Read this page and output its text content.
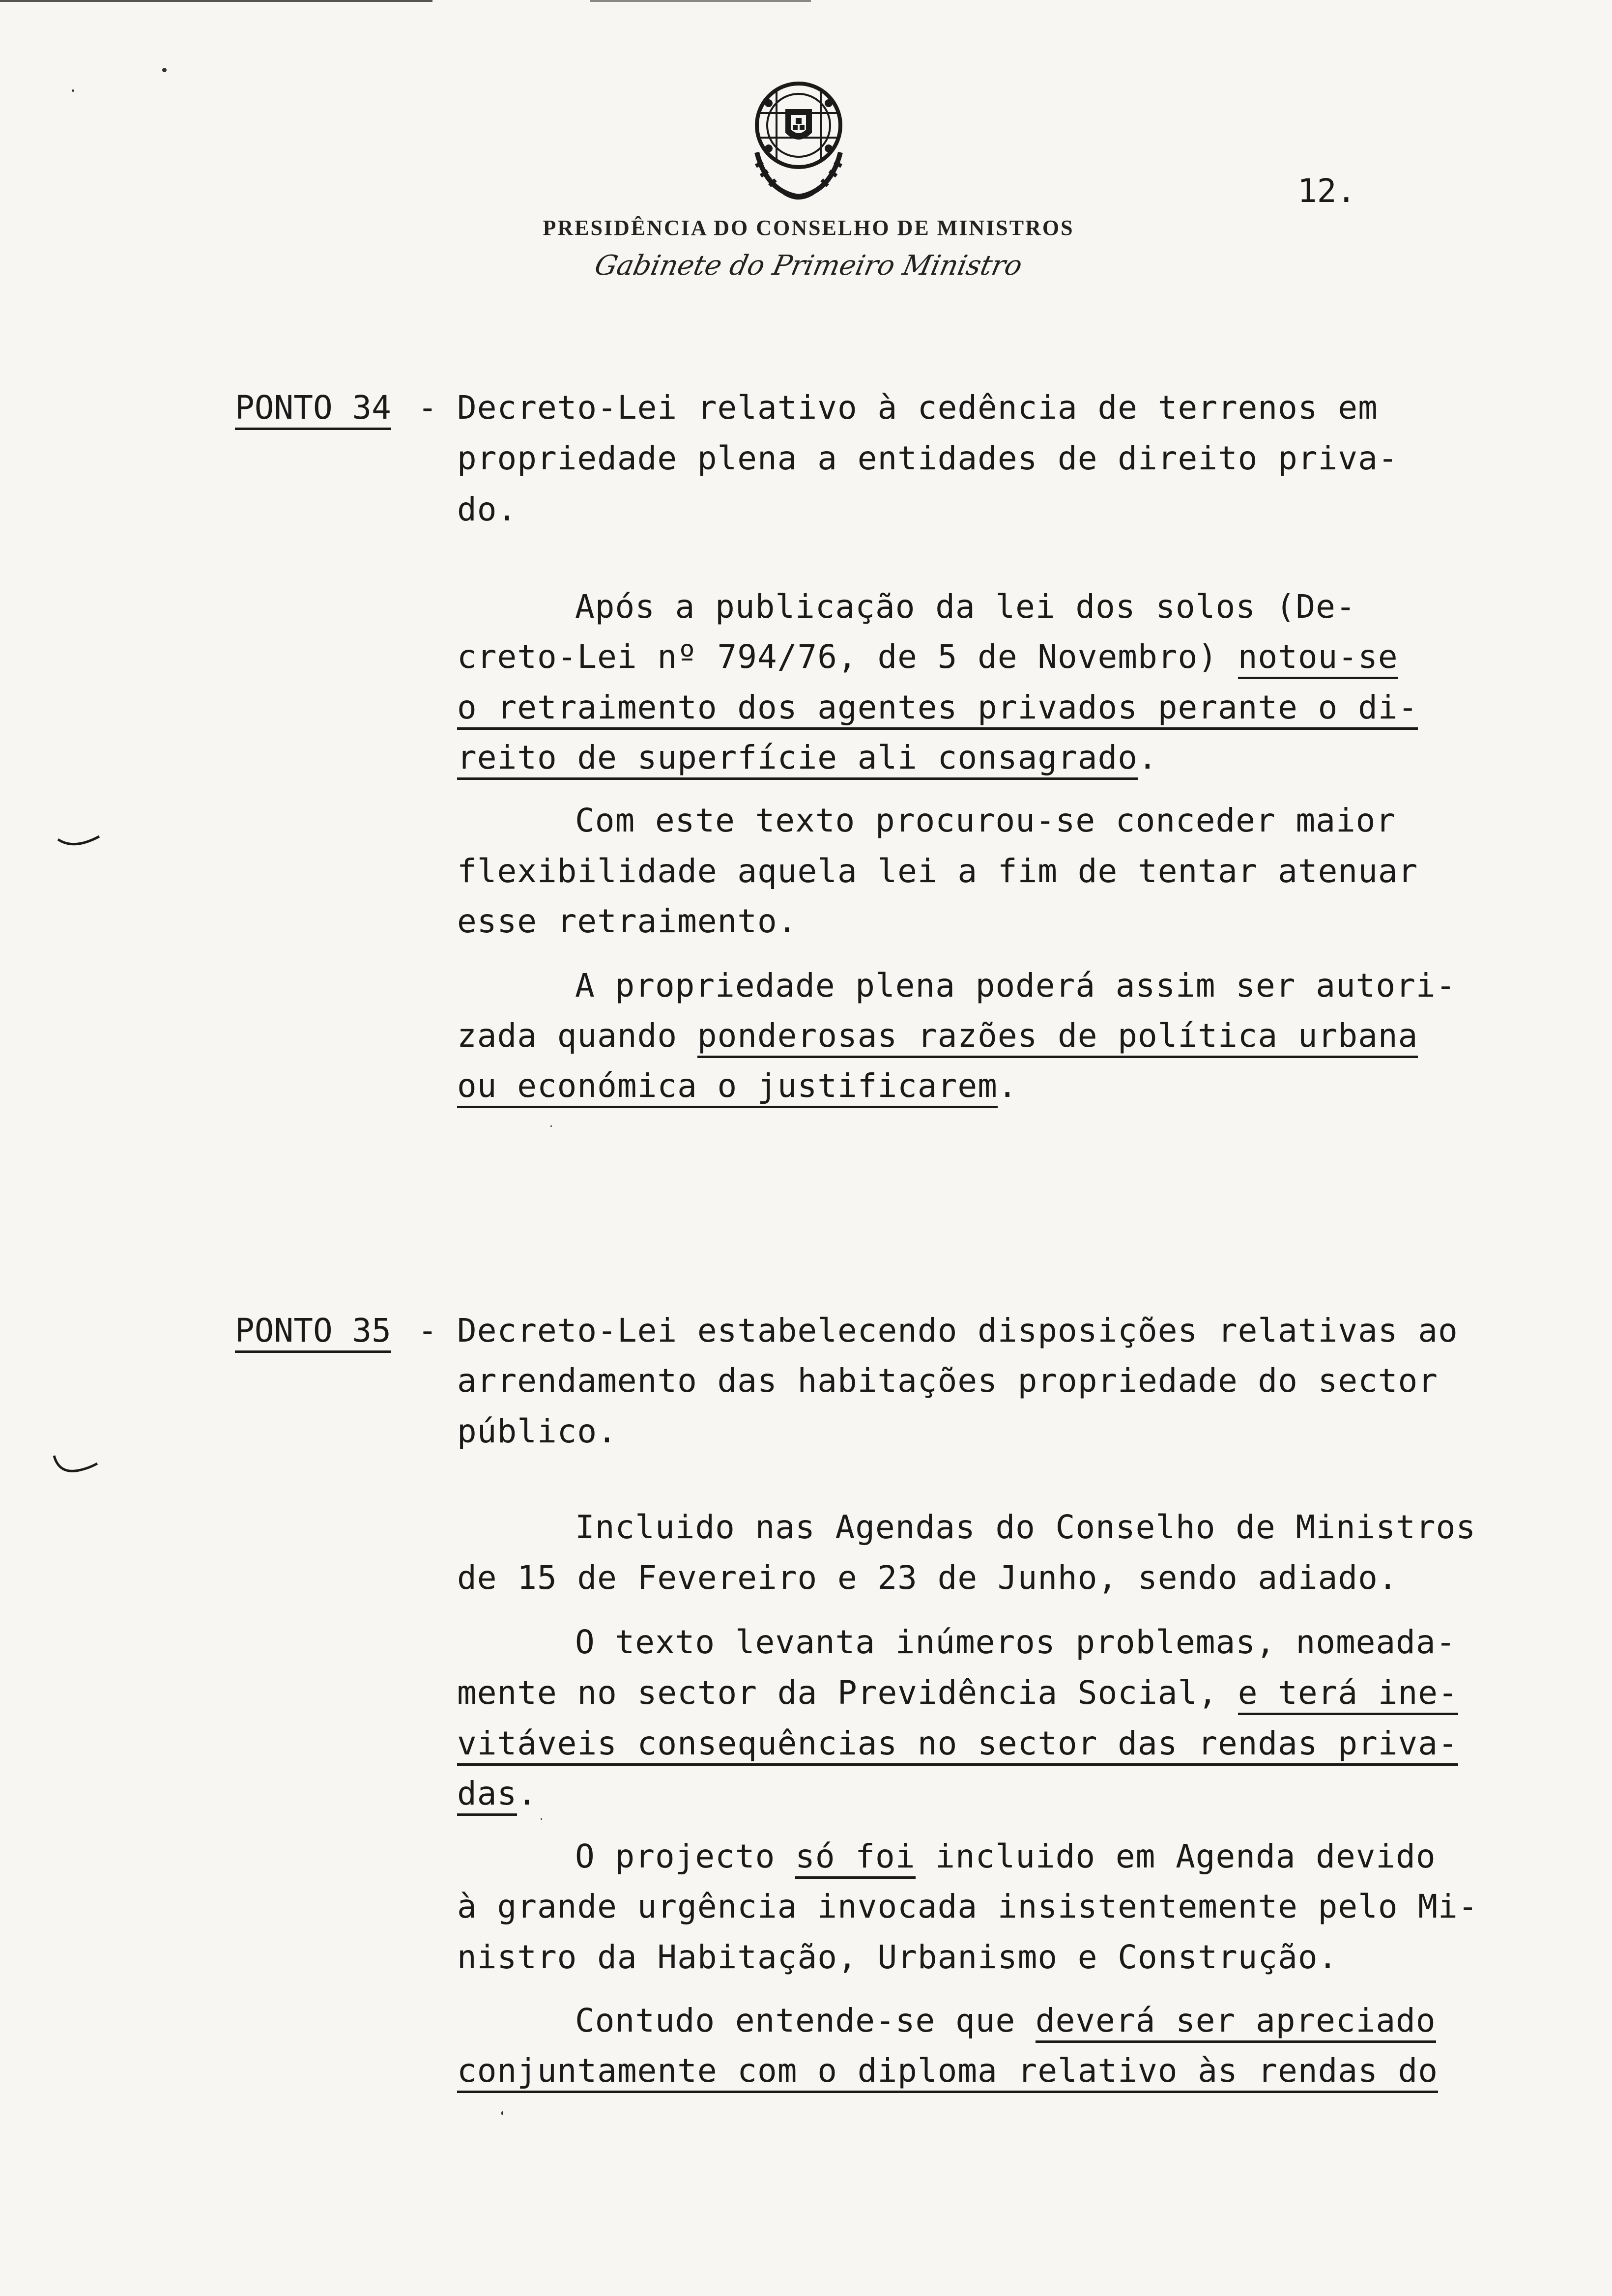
12.
PRESIDÊNCIA DO CONSELHO DE MINISTROS
Gabinete do Primeiro Ministro
PONTO 34 - Decreto-Lei relativo à cedência de terrenos em
propriedade plena a entidades de direito priva-
do.
Após a publicação da lei dos solos (De-
creto-Lei nº 794/76, de 5 de Novembro) notou-se
o retraimento dos agentes privados perante o di-
reito de superfície ali consagrado.
Com este texto procurou-se conceder maior
flexibilidade aquela lei a fim de tentar atenuar
esse retraimento.
A propriedade plena poderá assim ser autori-
zada quando ponderosas razões de política urbana
ou económica o justificarem.
PONTO 35 - Decreto-Lei estabelecendo disposições relativas ao
arrendamento das habitações propriedade do sector
público.
Incluido nas Agendas do Conselho de Ministros
de 15 de Fevereiro e 23 de Junho, sendo adiado.
O texto levanta inúmeros problemas, nomeada-
mente no sector da Previdência Social, e terá ine-
vitáveis consequências no sector das rendas priva-
das.
O projecto só foi incluido em Agenda devido
à grande urgência invocada insistentemente pelo Mi-
nistro da Habitação, Urbanismo e Construção.
Contudo entende-se que deverá ser apreciado
conjuntamente com o diploma relativo às rendas do
